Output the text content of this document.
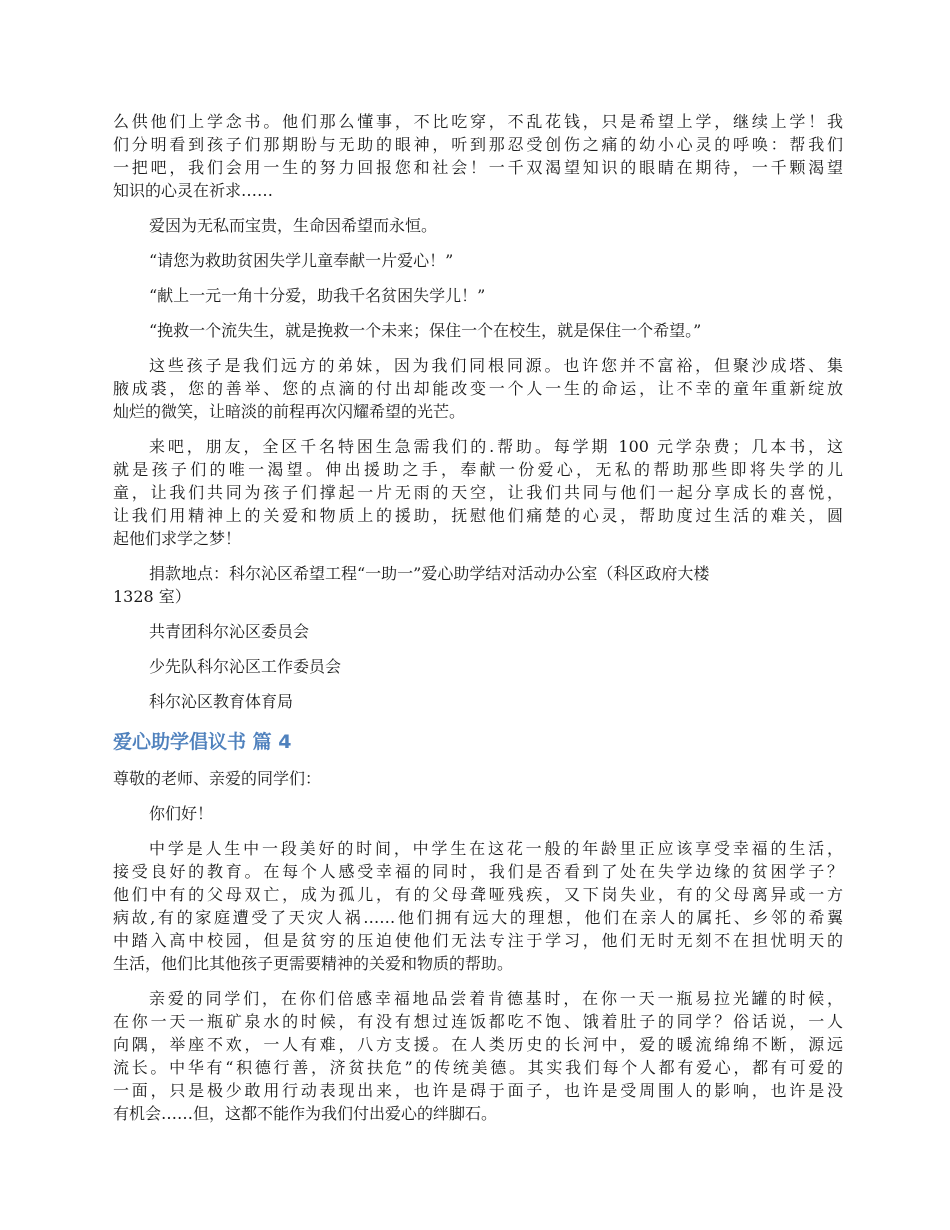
么供他们上学念书。他们那么懂事，不比吃穿，不乱花钱，只是希望上学，继续上学！我
们分明看到孩子们那期盼与无助的眼神，听到那忍受创伤之痛的幼小心灵的呼唤：帮我们
一把吧，我们会用一生的努力回报您和社会！一千双渴望知识的眼睛在期待，一千颗渴望
知识的心灵在祈求……
爱因为无私而宝贵，生命因希望而永恒。
“请您为救助贫困失学儿童奉献一片爱心！”
“献上一元一角十分爱，助我千名贫困失学儿！”
“挽救一个流失生，就是挽救一个未来；保住一个在校生，就是保住一个希望。”
这些孩子是我们远方的弟妹，因为我们同根同源。也许您并不富裕，但聚沙成塔、集
腋成裘，您的善举、您的点滴的付出却能改变一个人一生的命运，让不幸的童年重新绽放
灿烂的微笑，让暗淡的前程再次闪耀希望的光芒。
来吧，朋友，全区千名特困生急需我们的.帮助。每学期 100 元学杂费；几本书，这
就是孩子们的唯一渴望。伸出援助之手，奉献一份爱心，无私的帮助那些即将失学的儿
童，让我们共同为孩子们撑起一片无雨的天空，让我们共同与他们一起分享成长的喜悦，
让我们用精神上的关爱和物质上的援助，抚慰他们痛楚的心灵，帮助度过生活的难关，圆
起他们求学之梦！
捐款地点：科尔沁区希望工程“一助一”爱心助学结对活动办公室（科区政府大楼
1328 室）
共青团科尔沁区委员会
少先队科尔沁区工作委员会
科尔沁区教育体育局
爱心助学倡议书 篇 4
尊敬的老师、亲爱的同学们：
你们好！
中学是人生中一段美好的时间，中学生在这花一般的年龄里正应该享受幸福的生活，
接受良好的教育。在每个人感受幸福的同时，我们是否看到了处在失学边缘的贫困学子？
他们中有的父母双亡，成为孤儿，有的父母聋哑残疾，又下岗失业，有的父母离异或一方
病故,有的家庭遭受了天灾人祸……他们拥有远大的理想，他们在亲人的属托、乡邻的希翼
中踏入高中校园，但是贫穷的压迫使他们无法专注于学习，他们无时无刻不在担忧明天的
生活，他们比其他孩子更需要精神的关爱和物质的帮助。
亲爱的同学们，在你们倍感幸福地品尝着肯德基时，在你一天一瓶易拉光罐的时候，
在你一天一瓶矿泉水的时候，有没有想过连饭都吃不饱、饿着肚子的同学？俗话说，一人
向隅，举座不欢，一人有难，八方支援。在人类历史的长河中，爱的暖流绵绵不断，源远
流长。中华有“积德行善，济贫扶危”的传统美德。其实我们每个人都有爱心，都有可爱的
一面，只是极少敢用行动表现出来，也许是碍于面子，也许是受周围人的影响，也许是没
有机会……但，这都不能作为我们付出爱心的绊脚石。
